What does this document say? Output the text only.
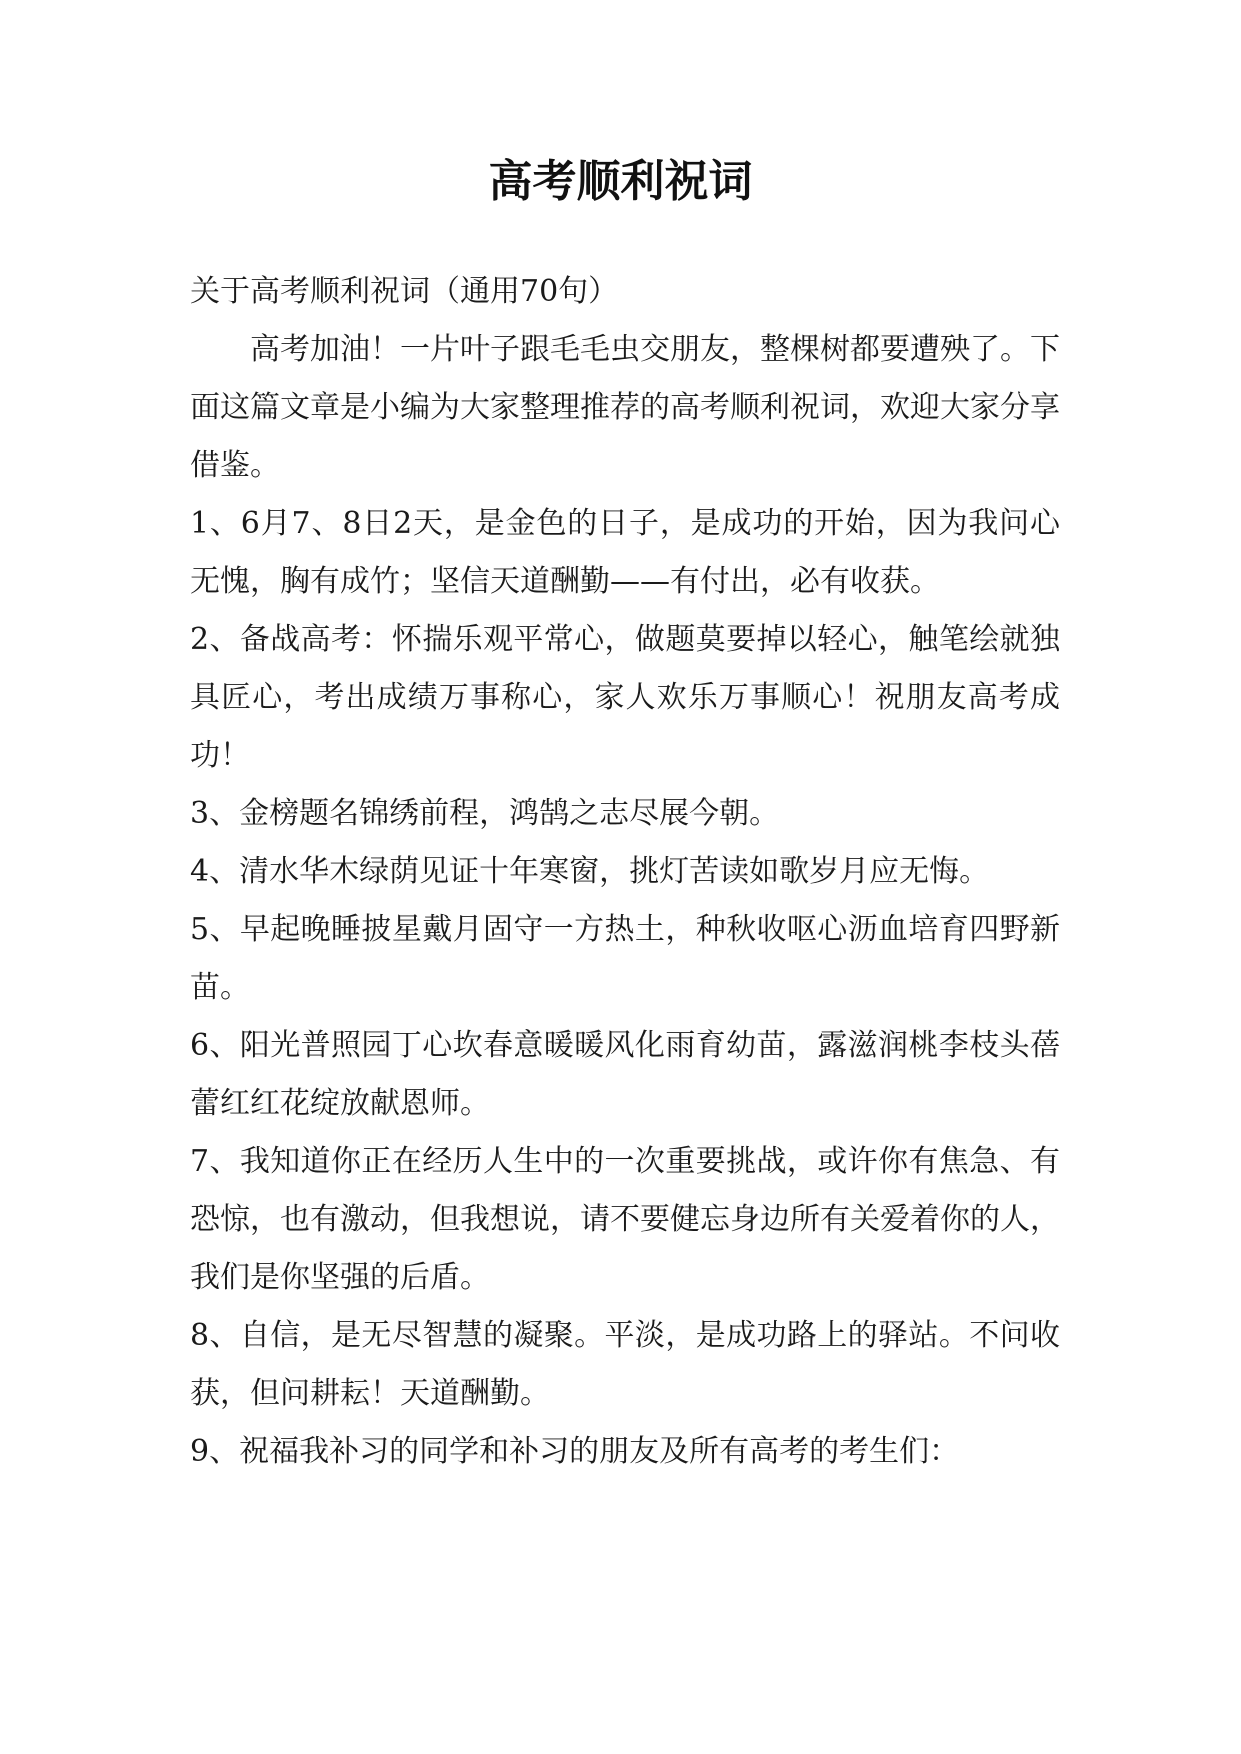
高考顺利祝词

关于高考顺利祝词（通用70句）

高考加油！一片叶子跟毛毛虫交朋友，整棵树都要遭殃了。下面这篇文章是小编为大家整理推荐的高考顺利祝词，欢迎大家分享借鉴。

1、6月7、8日2天，是金色的日子，是成功的开始，因为我问心无愧，胸有成竹；坚信天道酬勤——有付出，必有收获。

2、备战高考：怀揣乐观平常心，做题莫要掉以轻心，触笔绘就独具匠心，考出成绩万事称心，家人欢乐万事顺心！祝朋友高考成功！

3、金榜题名锦绣前程，鸿鹄之志尽展今朝。

4、清水华木绿荫见证十年寒窗，挑灯苦读如歌岁月应无悔。

5、早起晚睡披星戴月固守一方热土，种秋收呕心沥血培育四野新苗。

6、阳光普照园丁心坎春意暖暖风化雨育幼苗，露滋润桃李枝头蓓蕾红红花绽放献恩师。

7、我知道你正在经历人生中的一次重要挑战，或许你有焦急、有恐惊，也有激动，但我想说，请不要健忘身边所有关爱着你的人，我们是你坚强的后盾。

8、自信，是无尽智慧的凝聚。平淡，是成功路上的驿站。不问收获，但问耕耘！天道酬勤。

9、祝福我补习的同学和补习的朋友及所有高考的考生们：
